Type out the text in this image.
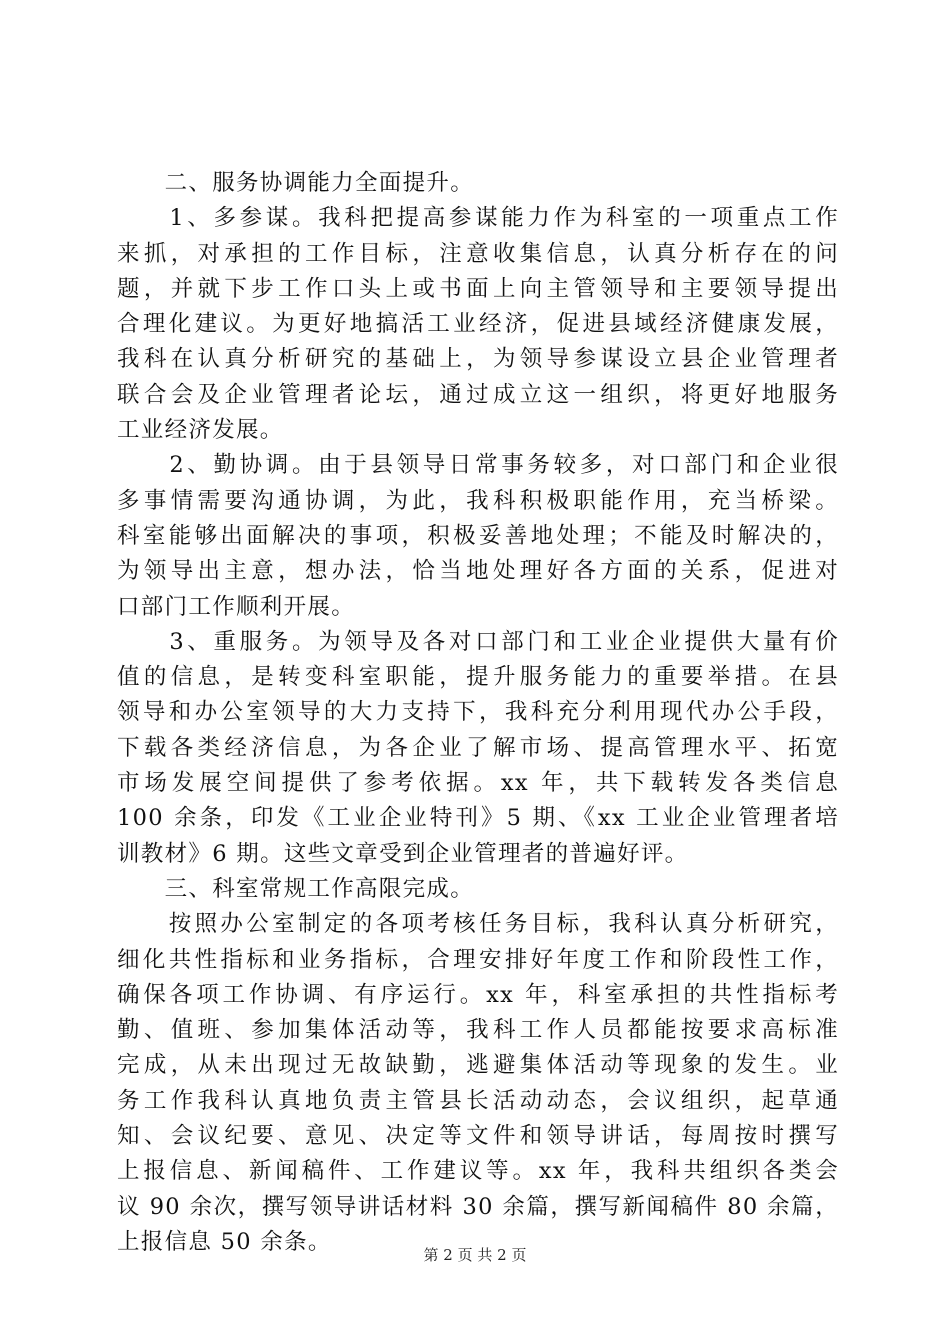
　　二、服务协调能力全面提升。
　　1、多参谋。我科把提高参谋能力作为科室的一项重点工作
来抓，对承担的工作目标，注意收集信息，认真分析存在的问
题，并就下步工作口头上或书面上向主管领导和主要领导提出
合理化建议。为更好地搞活工业经济，促进县域经济健康发展，
我科在认真分析研究的基础上，为领导参谋设立县企业管理者
联合会及企业管理者论坛，通过成立这一组织，将更好地服务
工业经济发展。
　　2、勤协调。由于县领导日常事务较多，对口部门和企业很
多事情需要沟通协调，为此，我科积极职能作用，充当桥梁。
科室能够出面解决的事项，积极妥善地处理；不能及时解决的，
为领导出主意，想办法，恰当地处理好各方面的关系，促进对
口部门工作顺利开展。
　　3、重服务。为领导及各对口部门和工业企业提供大量有价
值的信息，是转变科室职能，提升服务能力的重要举措。在县
领导和办公室领导的大力支持下，我科充分利用现代办公手段，
下载各类经济信息，为各企业了解市场、提高管理水平、拓宽
市场发展空间提供了参考依据。xx 年，共下载转发各类信息
100 余条，印发《工业企业特刊》5 期、《xx 工业企业管理者培
训教材》6 期。这些文章受到企业管理者的普遍好评。
　　三、科室常规工作高限完成。
　　按照办公室制定的各项考核任务目标，我科认真分析研究，
细化共性指标和业务指标，合理安排好年度工作和阶段性工作，
确保各项工作协调、有序运行。xx 年，科室承担的共性指标考
勤、值班、参加集体活动等，我科工作人员都能按要求高标准
完成，从未出现过无故缺勤，逃避集体活动等现象的发生。业
务工作我科认真地负责主管县长活动动态，会议组织，起草通
知、会议纪要、意见、决定等文件和领导讲话，每周按时撰写
上报信息、新闻稿件、工作建议等。xx 年，我科共组织各类会
议 90 余次，撰写领导讲话材料 30 余篇，撰写新闻稿件 80 余篇，
上报信息 50 余条。
第 2 页 共 2 页
